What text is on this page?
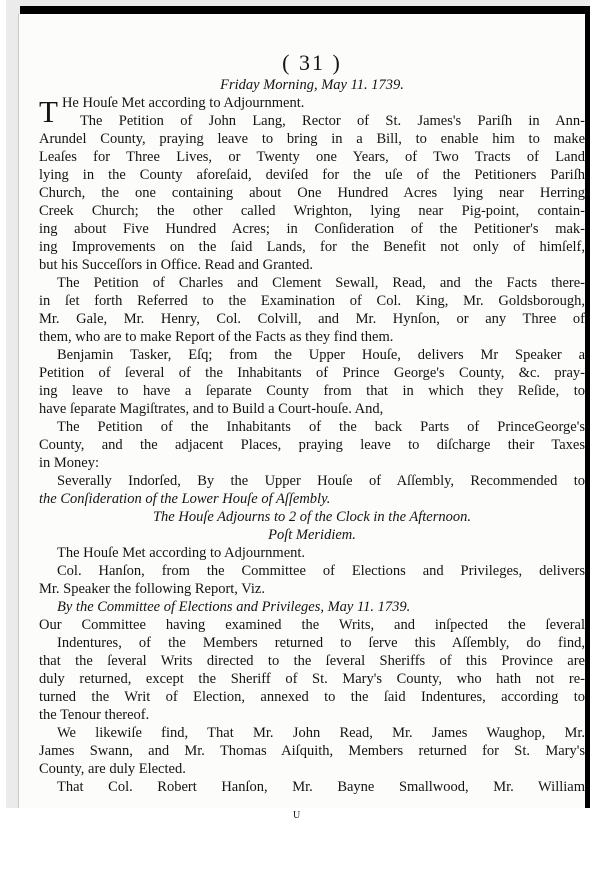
( 31 )

Friday Morning, May 11. 1739.

T He Houſe Met according to Adjournment.

The Petition of John Lang, Rector of St. James's Pariſh in Ann-

Arundel County, praying leave to bring in a Bill, to enable him to make

Leaſes for Three Lives, or Twenty one Years, of Two Tracts of Land

lying in the County aforeſaid, deviſed for the uſe of the Petitioners Pariſh

Church, the one containing about One Hundred Acres lying near Herring

Creek Church; the other called Wrighton, lying near Pig-point, contain-

ing about Five Hundred Acres; in Conſideration of the Petitioner's mak-

ing Improvements on the ſaid Lands, for the Benefit not only of himſelf,

but his Succeſſors in Office. Read and Granted.

The Petition of Charles and Clement Sewall, Read, and the Facts there-

in ſet forth Referred to the Examination of Col. King, Mr. Goldsborough,

Mr. Gale, Mr. Henry, Col. Colvill, and Mr. Hynſon, or any Three of

them, who are to make Report of the Facts as they find them.

Benjamin Tasker, Eſq; from the Upper Houſe, delivers Mr Speaker a

Petition of ſeveral of the Inhabitants of Prince George's County, &c. pray-

ing leave to have a ſeparate County from that in which they Reſide, to

have ſeparate Magiſtrates, and to Build a Court-houſe. And,

The Petition of the Inhabitants of the back Parts of PrinceGeorge's

County, and the adjacent Places, praying leave to diſcharge their Taxes

in Money:

Severally Indorſed, By the Upper Houſe of Aſſembly, Recommended to

the Conſideration of the Lower Houſe of Aſſembly.

The Houſe Adjourns to 2 of the Clock in the Afternoon.

Poſt Meridiem.

The Houſe Met according to Adjournment.

Col. Hanſon, from the Committee of Elections and Privileges, delivers

Mr. Speaker the following Report, Viz.

By the Committee of Elections and Privileges, May 11. 1739.

Our Committee having examined the Writs, and inſpected the ſeveral

Indentures, of the Members returned to ſerve this Aſſembly, do find,

that the ſeveral Writs directed to the ſeveral Sheriffs of this Province are

duly returned, except the Sheriff of St. Mary's County, who hath not re-

turned the Writ of Election, annexed to the ſaid Indentures, according to

the Tenour thereof.

We likewiſe find, That Mr. John Read, Mr. James Waughop, Mr.

James Swann, and Mr. Thomas Aiſquith, Members returned for St. Mary's

County, are duly Elected.

That Col. Robert Hanſon, Mr. Bayne Smallwood, Mr. William

U
